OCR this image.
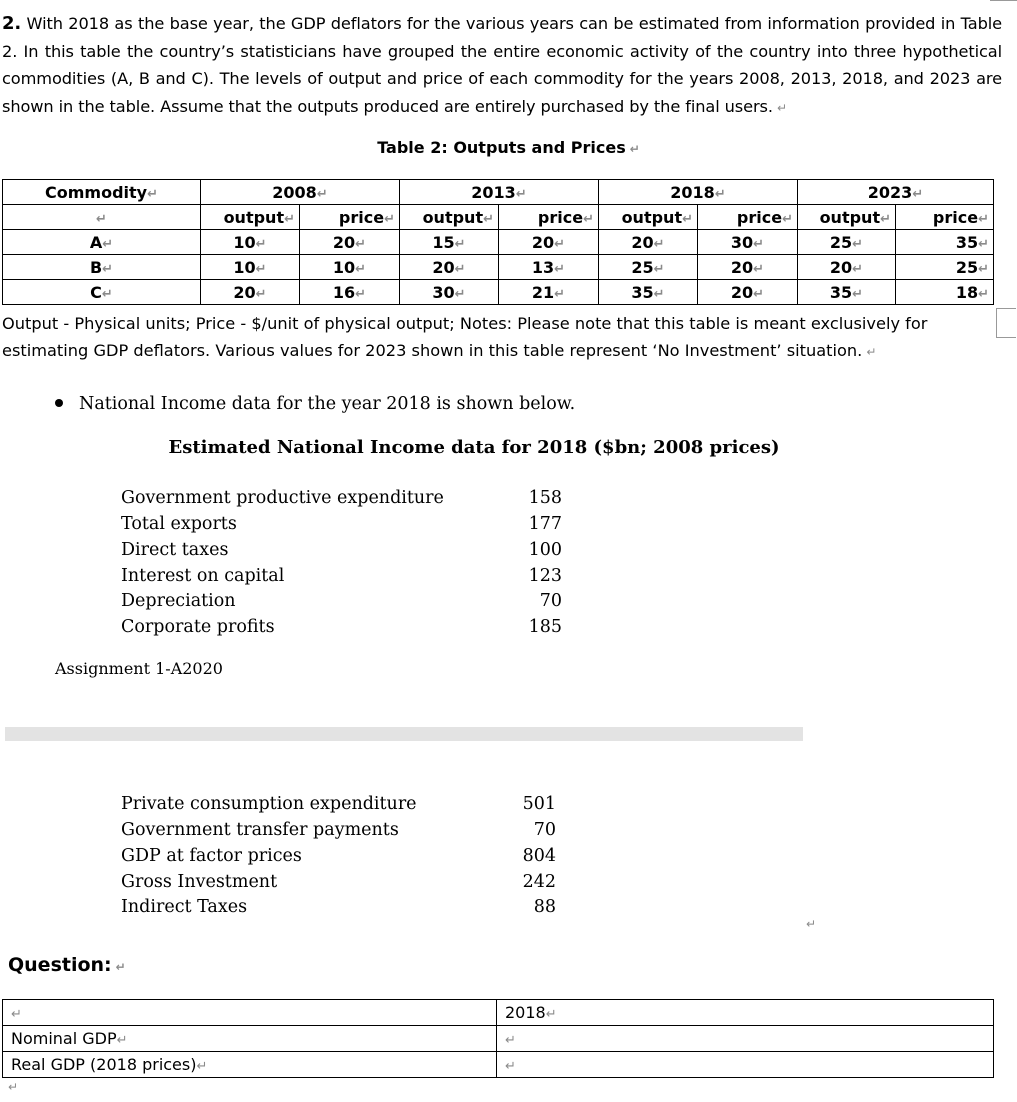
2. With 2018 as the base year, the GDP deflators for the various years can be estimated from information provided in Table 2. In this table the country’s statisticians have grouped the entire economic activity of the country into three hypothetical commodities (A, B and C). The levels of output and price of each commodity for the years 2008, 2013, 2018, and 2023 are shown in the table. Assume that the outputs produced are entirely purchased by the final users. ↵
Table 2: Outputs and Prices ↵
Commodity↵	2008↵		2013↵		2018↵		2023↵	
↵	output↵	price↵	output↵	price↵	output↵	price↵	output↵	price↵
A↵	10↵	20↵	15↵	20↵	20↵	30↵	25↵	35↵
B↵	10↵	10↵	20↵	13↵	25↵	20↵	20↵	25↵
C↵	20↵	16↵	30↵	21↵	35↵	20↵	35↵	18↵
Output - Physical units; Price - $/unit of physical output; Notes: Please note that this table is meant exclusively for estimating GDP deflators. Various values for 2023 shown in this table represent ‘No Investment’ situation. ↵
National Income data for the year 2018 is shown below.
Estimated National Income data for 2018 ($bn; 2008 prices)
Government productive expenditure	158
Total exports	177
Direct taxes	100
Interest on capital	123
Depreciation	70
Corporate profits	185
Assignment 1-A2020
Private consumption expenditure	501
Government transfer payments	70
GDP at factor prices	804
Gross Investment	242
Indirect Taxes	88
↵
Question: ↵
↵	2018↵
Nominal GDP↵	↵
Real GDP (2018 prices)↵	↵
↵
